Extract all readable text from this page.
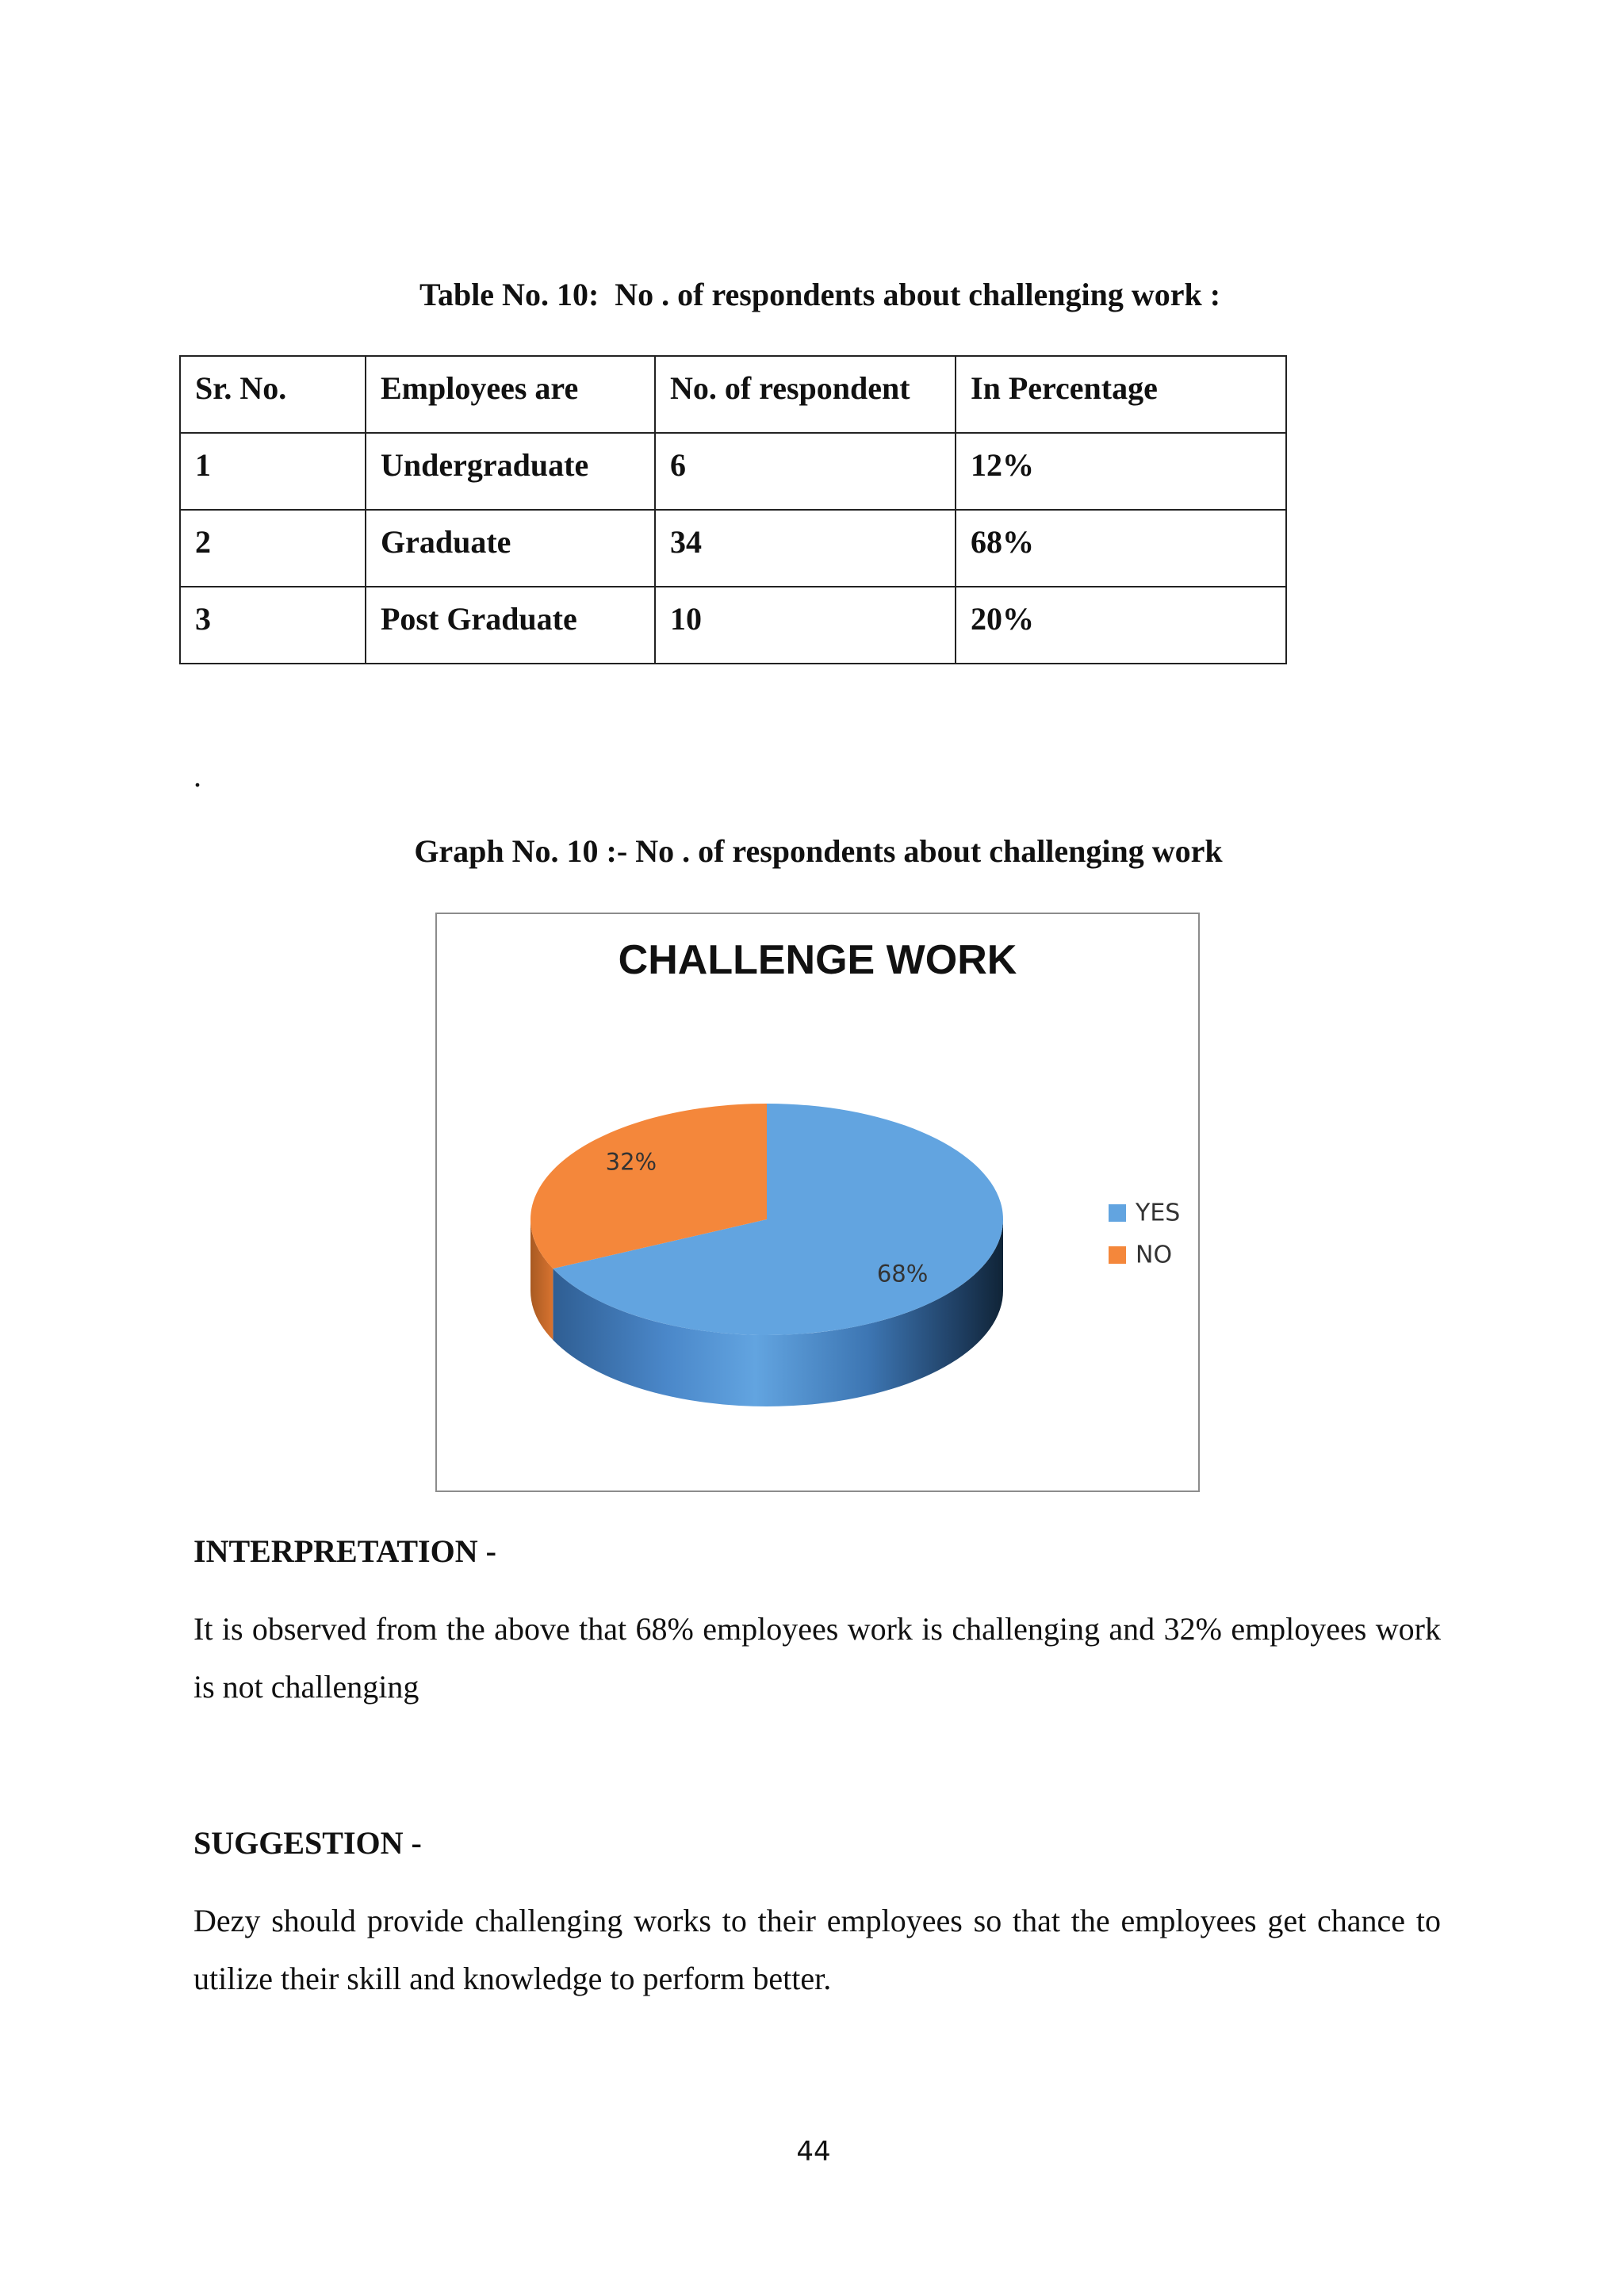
Table No. 10:  No . of respondents about challenging work :
Sr. No.	Employees are	No. of respondent	In Percentage
1	Undergraduate	6	12%
2	Graduate	34	68%
3	Post Graduate	10	20%
.
Graph No. 10 :- No . of respondents about challenging work
CHALLENGE WORK
68%
32%
YES
NO
INTERPRETATION -
It is observed from the above that 68% employees work is challenging and 32% employees work is not challenging
SUGGESTION -
Dezy should provide challenging works to their employees so that the employees get chance to utilize their skill and knowledge to perform better.
44
